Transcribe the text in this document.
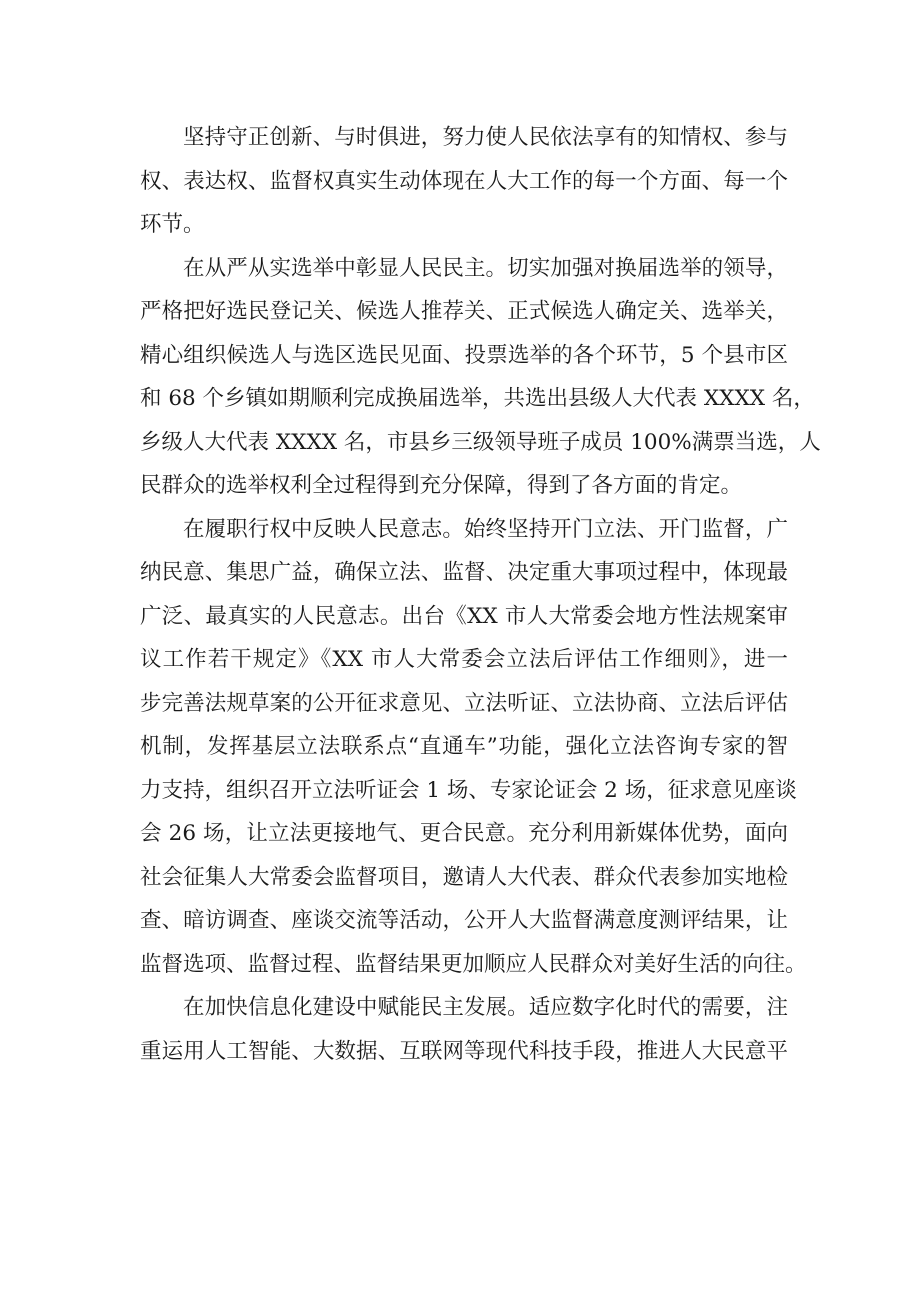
坚持守正创新、与时俱进，努力使人民依法享有的知情权、参与
权、表达权、监督权真实生动体现在人大工作的每一个方面、每一个
环节。
在从严从实选举中彰显人民民主。切实加强对换届选举的领导，
严格把好选民登记关、候选人推荐关、正式候选人确定关、选举关，
精心组织候选人与选区选民见面、投票选举的各个环节，5 个县市区
和 68 个乡镇如期顺利完成换届选举，共选出县级人大代表 XXXX 名，
乡级人大代表 XXXX 名，市县乡三级领导班子成员 100%满票当选，人
民群众的选举权利全过程得到充分保障，得到了各方面的肯定。
在履职行权中反映人民意志。始终坚持开门立法、开门监督，广
纳民意、集思广益，确保立法、监督、决定重大事项过程中，体现最
广泛、最真实的人民意志。出台《XX 市人大常委会地方性法规案审
议工作若干规定》《XX 市人大常委会立法后评估工作细则》，进一
步完善法规草案的公开征求意见、立法听证、立法协商、立法后评估
机制，发挥基层立法联系点“直通车”功能，强化立法咨询专家的智
力支持，组织召开立法听证会 1 场、专家论证会 2 场，征求意见座谈
会 26 场，让立法更接地气、更合民意。充分利用新媒体优势，面向
社会征集人大常委会监督项目，邀请人大代表、群众代表参加实地检
查、暗访调查、座谈交流等活动，公开人大监督满意度测评结果，让
监督选项、监督过程、监督结果更加顺应人民群众对美好生活的向往。
在加快信息化建设中赋能民主发展。适应数字化时代的需要，注
重运用人工智能、大数据、互联网等现代科技手段，推进人大民意平
